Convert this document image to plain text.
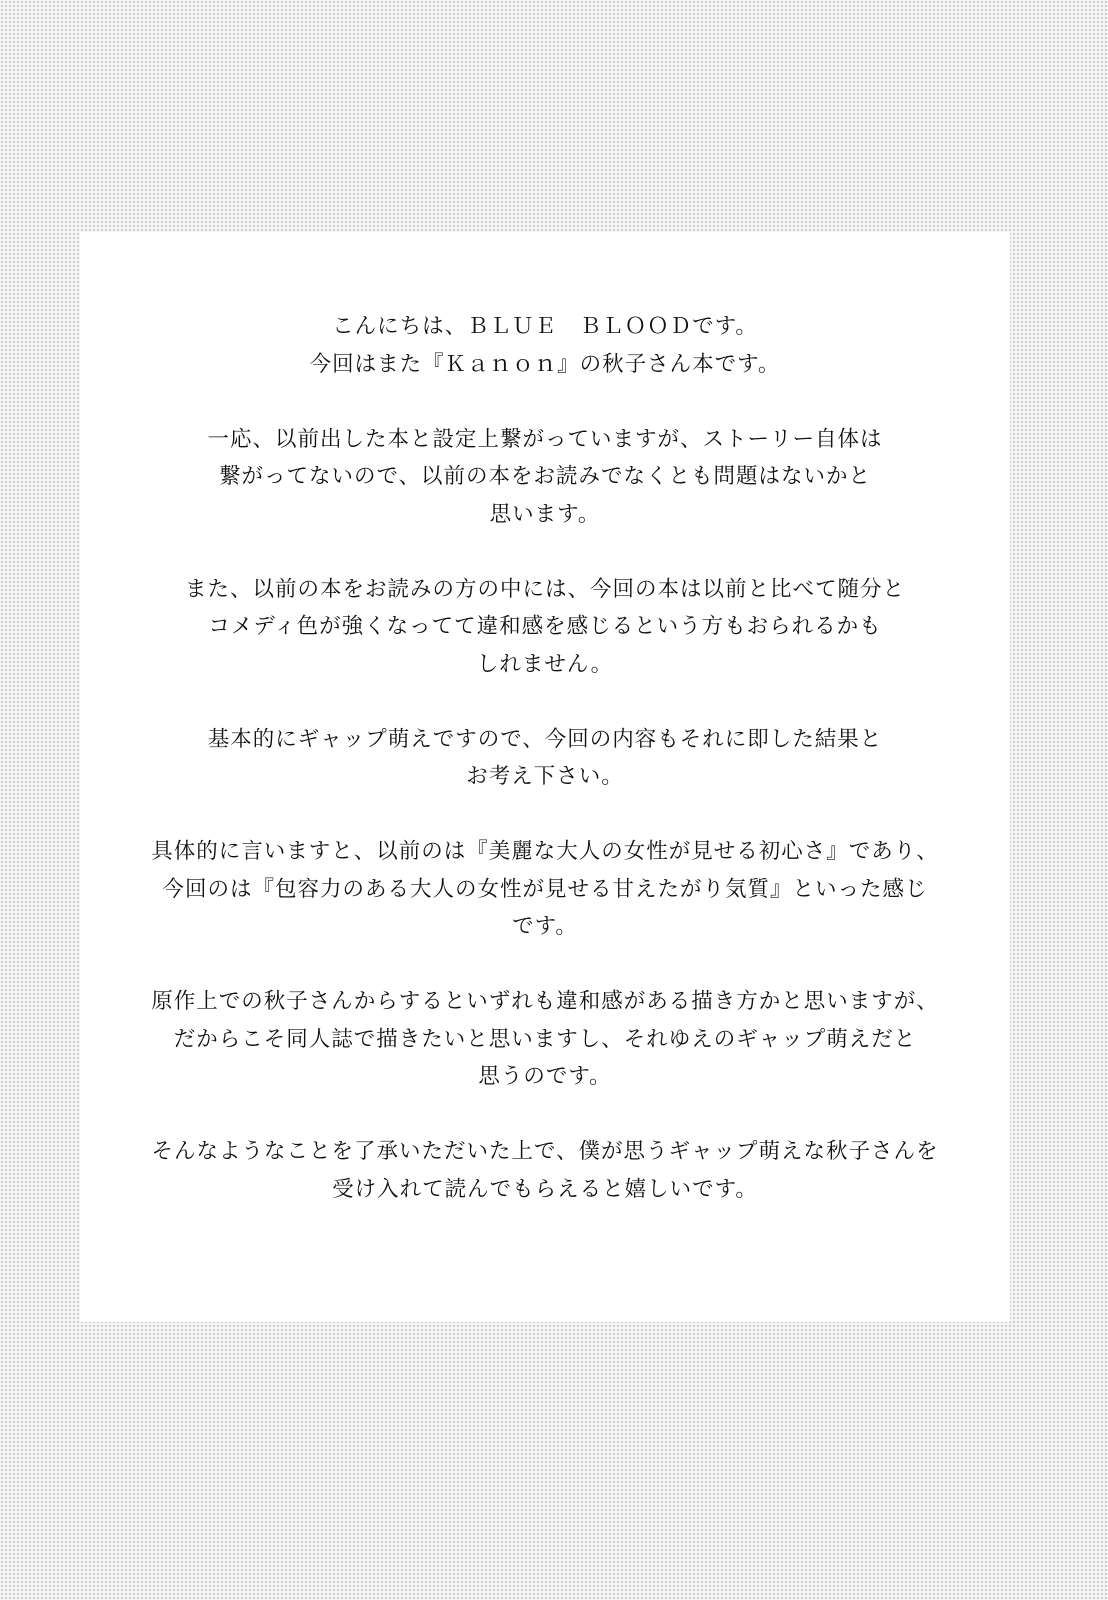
こんにちは、ＢＬＵＥ　ＢＬＯＯＤです。
今回はまた『Ｋａｎｏｎ』の秋子さん本です。

一応、以前出した本と設定上繋がっていますが、ストーリー自体は
繋がってないので、以前の本をお読みでなくとも問題はないかと
思います。

また、以前の本をお読みの方の中には、今回の本は以前と比べて随分と
コメディ色が強くなってて違和感を感じるという方もおられるかも
しれません。

基本的にギャップ萌えですので、今回の内容もそれに即した結果と
お考え下さい。

具体的に言いますと、以前のは『美麗な大人の女性が見せる初心さ』であり、
今回のは『包容力のある大人の女性が見せる甘えたがり気質』といった感じ
です。

原作上での秋子さんからするといずれも違和感がある描き方かと思いますが、
だからこそ同人誌で描きたいと思いますし、それゆえのギャップ萌えだと
思うのです。

そんなようなことを了承いただいた上で、僕が思うギャップ萌えな秋子さんを
受け入れて読んでもらえると嬉しいです。
